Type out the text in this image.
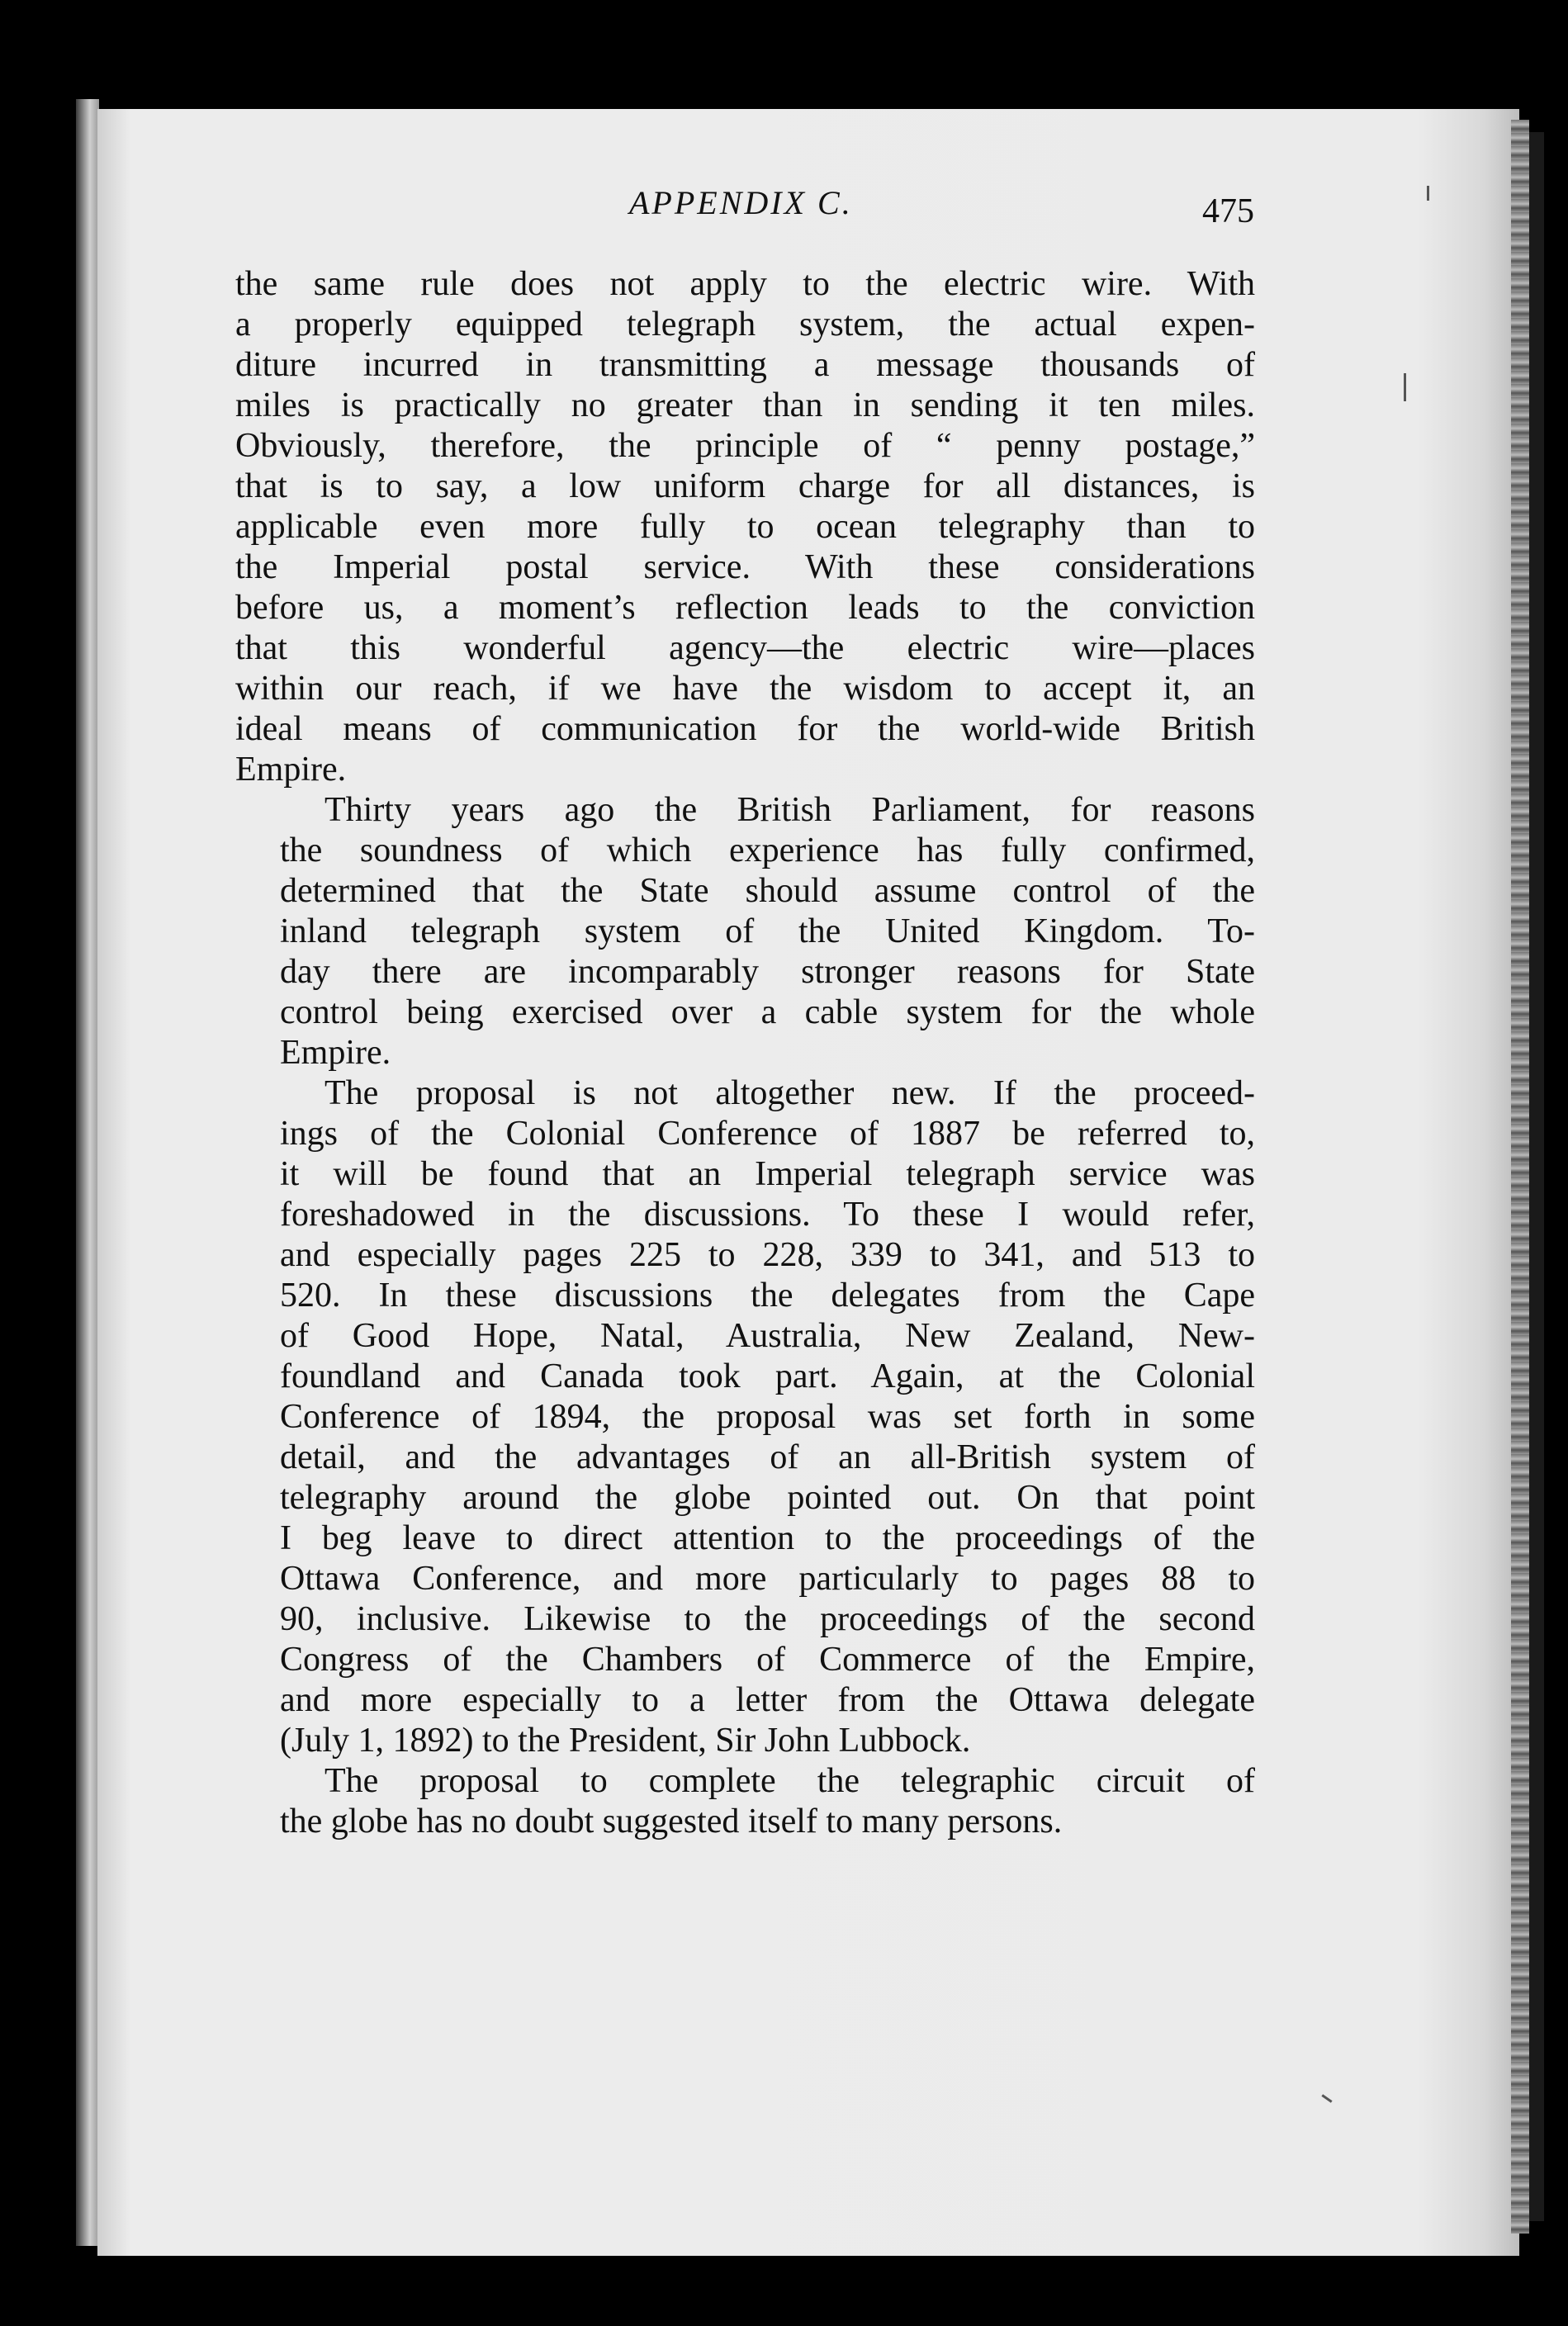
APPENDIX C.	475
the same rule does not apply to the electric wire. With
a properly equipped telegraph system, the actual expen-
diture incurred in transmitting a message thousands of
miles is practically no greater than in sending it ten miles.
Obviously, therefore, the principle of “ penny postage,”
that is to say, a low uniform charge for all distances, is
applicable even more fully to ocean telegraphy than to
the Imperial postal service. With these considerations
before us, a moment’s reflection leads to the conviction
that this wonderful agency—the electric wire—places
within our reach, if we have the wisdom to accept it, an
ideal means of communication for the world-wide British
Empire.
Thirty years ago the British Parliament, for reasons
the soundness of which experience has fully confirmed,
determined that the State should assume control of the
inland telegraph system of the United Kingdom. To-
day there are incomparably stronger reasons for State
control being exercised over a cable system for the whole
Empire.
The proposal is not altogether new. If the proceed-
ings of the Colonial Conference of 1887 be referred to,
it will be found that an Imperial telegraph service was
foreshadowed in the discussions. To these I would refer,
and especially pages 225 to 228, 339 to 341, and 513 to
520. In these discussions the delegates from the Cape
of Good Hope, Natal, Australia, New Zealand, New-
foundland and Canada took part. Again, at the Colonial
Conference of 1894, the proposal was set forth in some
detail, and the advantages of an all-British system of
telegraphy around the globe pointed out. On that point
I beg leave to direct attention to the proceedings of the
Ottawa Conference, and more particularly to pages 88 to
90, inclusive. Likewise to the proceedings of the second
Congress of the Chambers of Commerce of the Empire,
and more especially to a letter from the Ottawa delegate
(July 1, 1892) to the President, Sir John Lubbock.
The proposal to complete the telegraphic circuit of
the globe has no doubt suggested itself to many persons.
